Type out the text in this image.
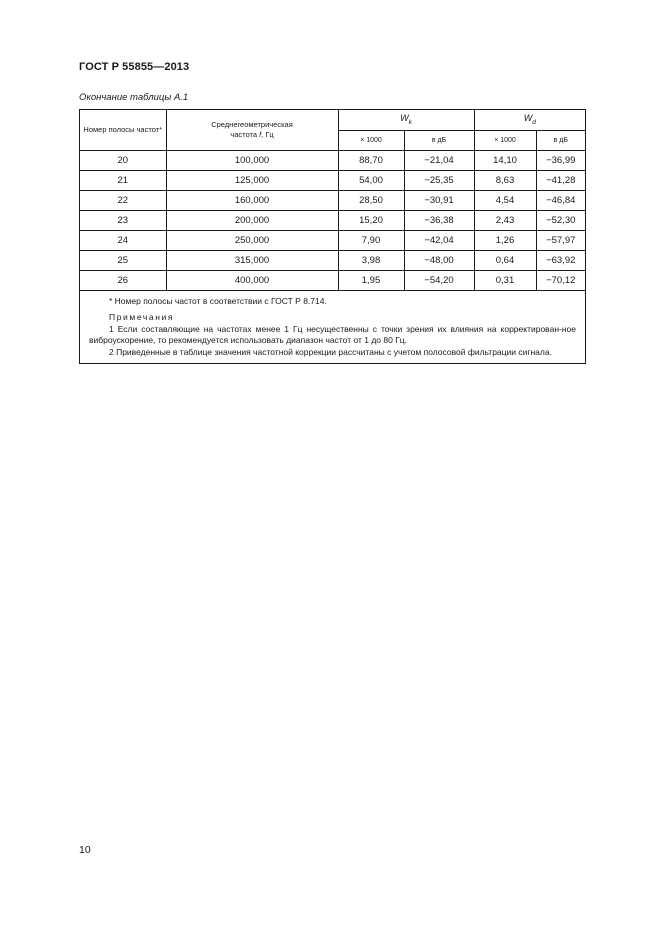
ГОСТ Р 55855—2013
Окончание таблицы А.1
Номер полосы частот*	Среднегеометрическая
частота f, Гц	$W_k$		$W_d$
		× 1000	в дБ	× 1000	в дБ
20	100,000	88,70	−21,04	14,10	−36,99
21	125,000	54,00	−25,35	8,63	−41,28
22	160,000	28,50	−30,91	4,54	−46,84
23	200,000	15,20	−36,38	2,43	−52,30
24	250,000	7,90	−42,04	1,26	−57,97
25	315,000	3,98	−48,00	0,64	−63,92
26	400,000	1,95	−54,20	0,31	−70,12

* Номер полосы частот в соответствии с ГОСТ Р 8.714.

Примечания

1 Если составляющие на частотах менее 1 Гц несущественны с точки зрения их влияния на корректирован-ное виброускорение, то рекомендуется использовать диапазон частот от 1 до 80 Гц.

2 Приведенные в таблице значения частотной коррекции рассчитаны с учетом полосовой фильтрации сигнала.

10
